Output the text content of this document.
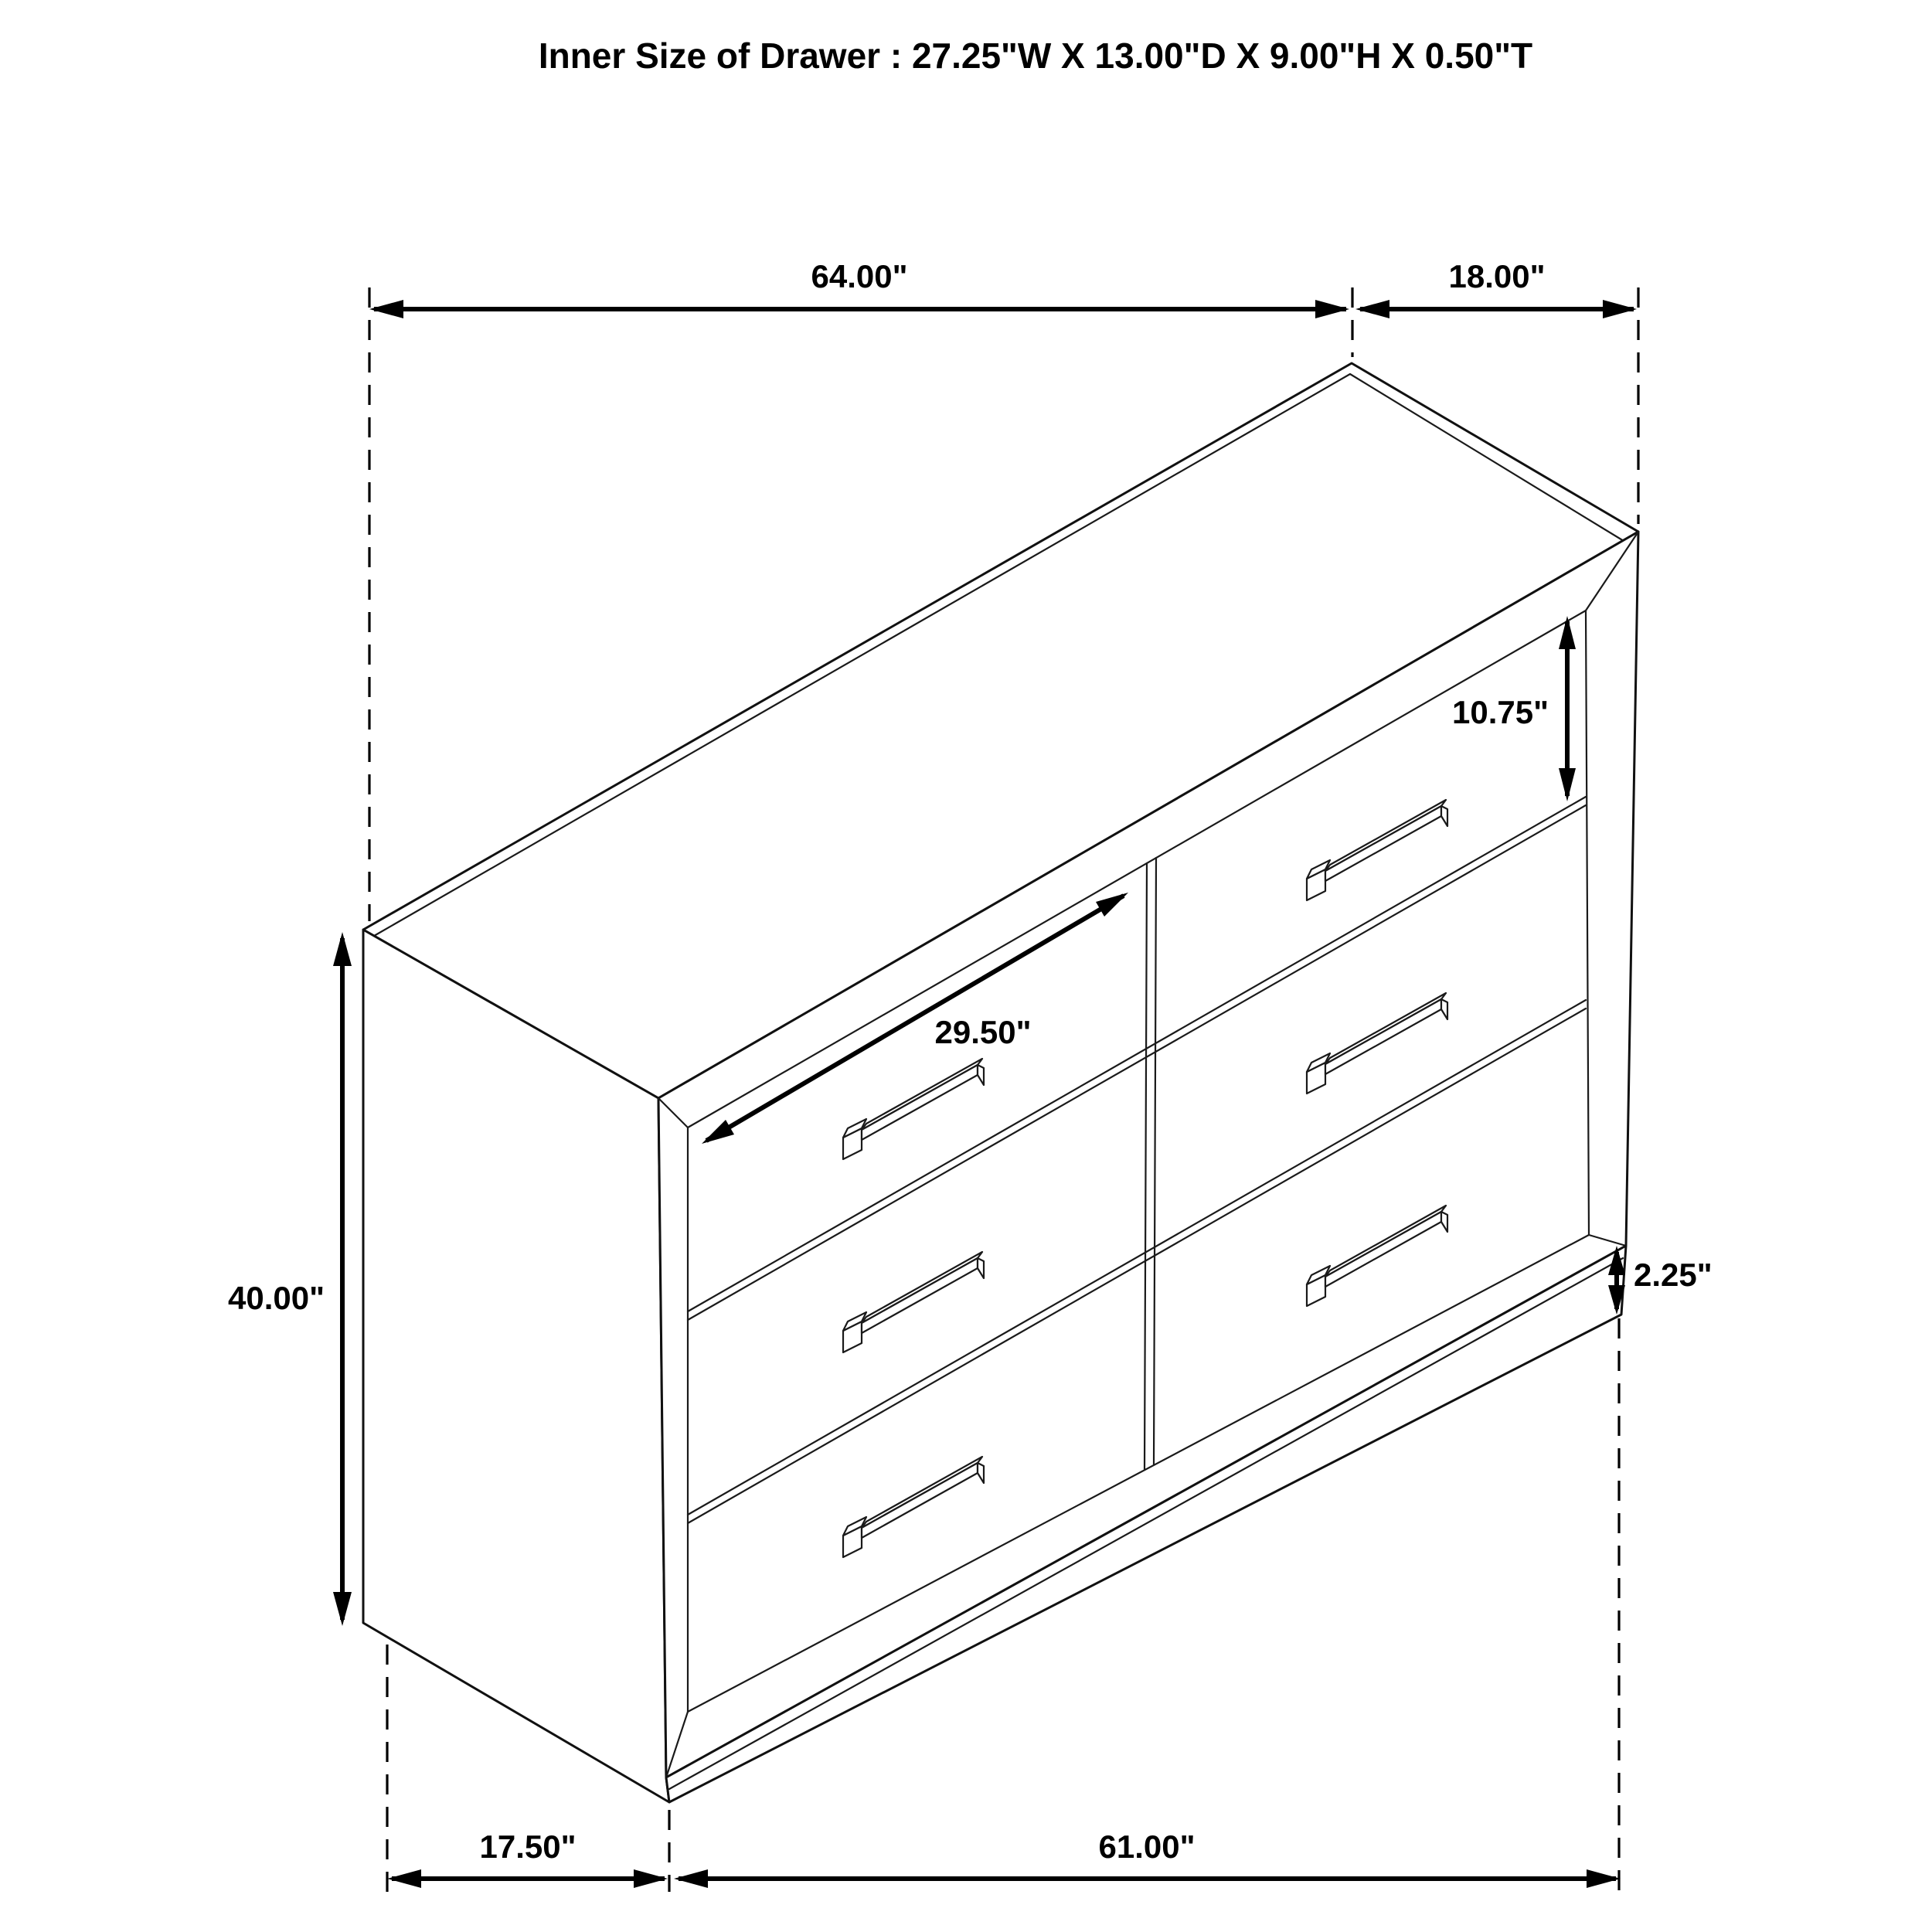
64.00"	18.00"
40.00"
10.75"
29.50"
2.25"
17.50"	61.00"
Inner Size of Drawer : 27.25"W X 13.00"D X 9.00"H X 0.50"T
